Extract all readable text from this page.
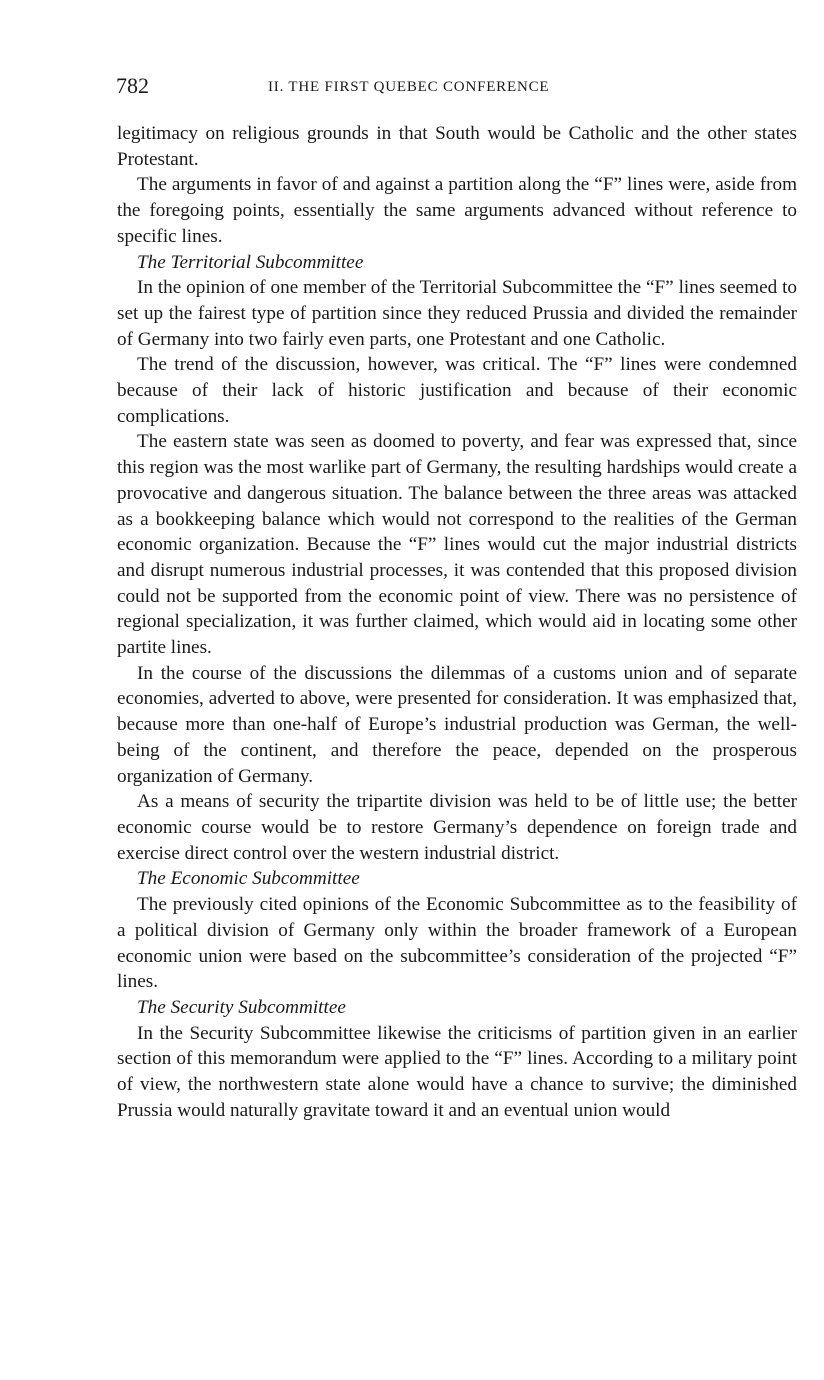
782	II. THE FIRST QUEBEC CONFERENCE

legitimacy on religious grounds in that South would be Catholic and the other states Protestant.

The arguments in favor of and against a partition along the “F” lines were, aside from the foregoing points, essentially the same arguments advanced without reference to specific lines.

The Territorial Subcommittee

In the opinion of one member of the Territorial Subcommittee the “F” lines seemed to set up the fairest type of partition since they reduced Prussia and divided the remainder of Germany into two fairly even parts, one Protestant and one Catholic.

The trend of the discussion, however, was critical. The “F” lines were condemned because of their lack of historic justification and because of their economic complications.

The eastern state was seen as doomed to poverty, and fear was expressed that, since this region was the most warlike part of Germany, the resulting hardships would create a provocative and dangerous situation. The balance between the three areas was attacked as a bookkeeping balance which would not correspond to the realities of the German economic organization. Because the “F” lines would cut the major industrial districts and disrupt numerous industrial processes, it was contended that this proposed division could not be supported from the economic point of view. There was no persistence of regional specialization, it was further claimed, which would aid in locating some other partite lines.

In the course of the discussions the dilemmas of a customs union and of separate economies, adverted to above, were presented for consideration. It was emphasized that, because more than one-half of Europe’s industrial production was German, the well-being of the continent, and therefore the peace, depended on the prosperous organization of Germany.

As a means of security the tripartite division was held to be of little use; the better economic course would be to restore Germany’s dependence on foreign trade and exercise direct control over the western industrial district.

The Economic Subcommittee

The previously cited opinions of the Economic Subcommittee as to the feasibility of a political division of Germany only within the broader framework of a European economic union were based on the subcommittee’s consideration of the projected “F” lines.

The Security Subcommittee

In the Security Subcommittee likewise the criticisms of partition given in an earlier section of this memorandum were applied to the “F” lines. According to a military point of view, the northwestern state alone would have a chance to survive; the diminished Prussia would naturally gravitate toward it and an eventual union would
